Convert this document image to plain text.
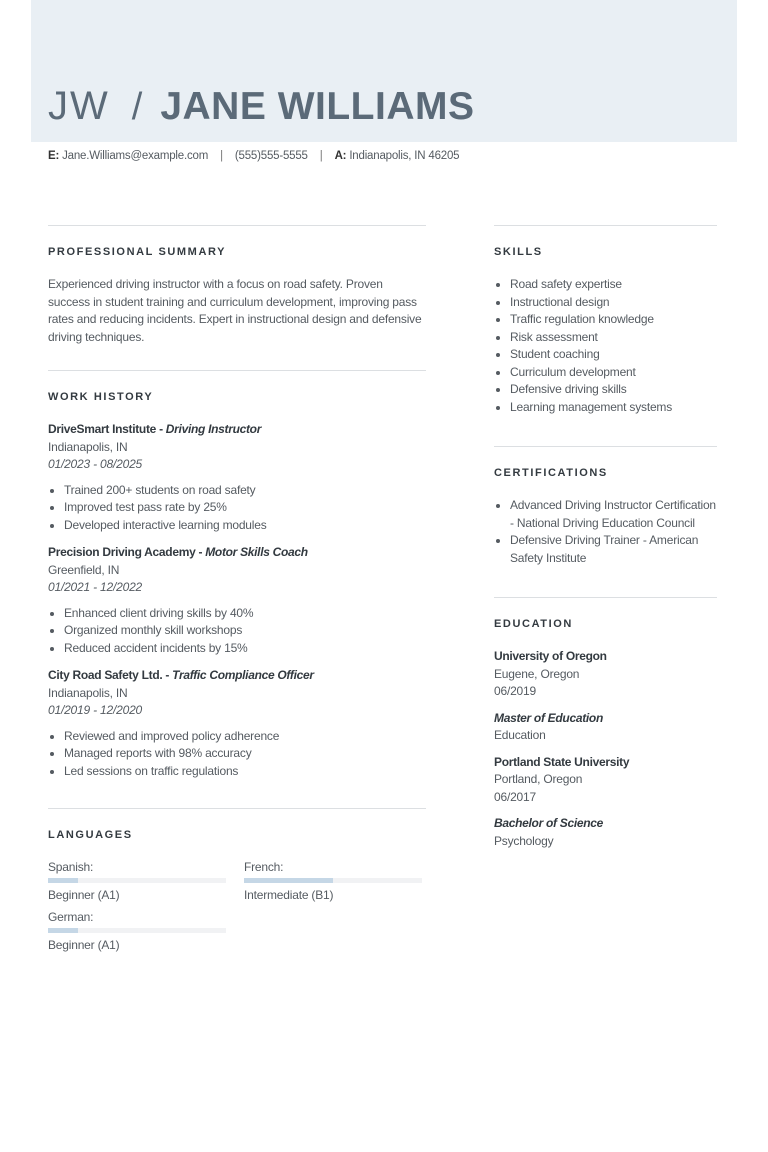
JW / JANE WILLIAMS
E: Jane.Williams@example.com | (555)555-5555 | A: Indianapolis, IN 46205
PROFESSIONAL SUMMARY

Experienced driving instructor with a focus on road safety. Proven success in student training and curriculum development, improving pass rates and reducing incidents. Expert in instructional design and defensive driving techniques.

WORK HISTORY
DriveSmart Institute - Driving Instructor
Indianapolis, IN
01/2023 - 08/2025
• Trained 200+ students on road safety
• Improved test pass rate by 25%
• Developed interactive learning modules
Precision Driving Academy - Motor Skills Coach
Greenfield, IN
01/2021 - 12/2022
• Enhanced client driving skills by 40%
• Organized monthly skill workshops
• Reduced accident incidents by 15%
City Road Safety Ltd. - Traffic Compliance Officer
Indianapolis, IN
01/2019 - 12/2020
• Reviewed and improved policy adherence
• Managed reports with 98% accuracy
• Led sessions on traffic regulations
LANGUAGES
Spanish:
Beginner (A1)
French:
Intermediate (B1)
German:
Beginner (A1)
SKILLS
• Road safety expertise
• Instructional design
• Traffic regulation knowledge
• Risk assessment
• Student coaching
• Curriculum development
• Defensive driving skills
• Learning management systems
CERTIFICATIONS
• Advanced Driving Instructor Certification - National Driving Education Council
• Defensive Driving Trainer - American Safety Institute
EDUCATION
University of Oregon
Eugene, Oregon
06/2019
Master of Education
Education
Portland State University
Portland, Oregon
06/2017
Bachelor of Science
Psychology
